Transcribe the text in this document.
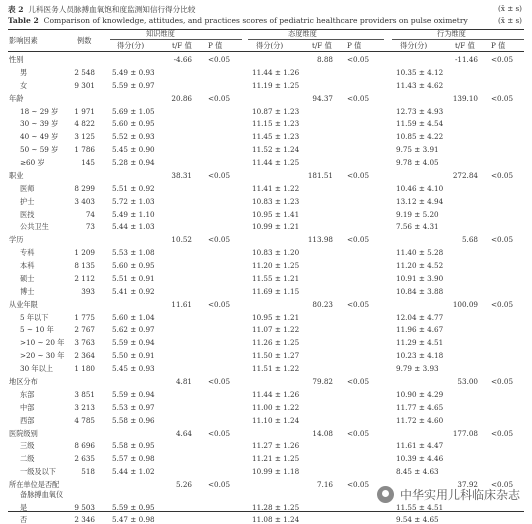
表 2 儿科医务人员脉搏血氧饱和度监测知信行得分比较
Table 2 Comparison of knowledge, attitudes, and practices scores of pediatric healthcare providers on pulse oximetry
(x̄ ± s)
(x̄ ± s)
影响因素	例数
知识维度	态度维度	行为维度
得分(分)	t/F 值 P 值	得分(分)	t/F 值 P 值	得分(分)	t/F 值 P 值
性别	-4.66 <0.05	8.88 <0.05	-11.46 <0.05
男	2 548 5.49 ± 0.93	11.44 ± 1.26	10.35 ± 4.12
女	9 301 5.59 ± 0.97	11.19 ± 1.25	11.43 ± 4.62
年龄	20.86 <0.05	94.37 <0.05	139.10 <0.05
18 ~ 29 岁 1 971 5.69 ± 1.05	10.87 ± 1.23	12.73 ± 4.93
30 ~ 39 岁 4 822 5.60 ± 0.95	11.15 ± 1.23	11.59 ± 4.54
40 ~ 49 岁 3 125 5.52 ± 0.93	11.45 ± 1.23	10.85 ± 4.22
50 ~ 59 岁 1 786 5.45 ± 0.90	11.52 ± 1.24	9.75 ± 3.91
≥60 岁	145 5.28 ± 0.94	11.44 ± 1.25	9.78 ± 4.05
职业	38.31 <0.05	181.51 <0.05	272.84 <0.05
医师	8 299 5.51 ± 0.92	11.41 ± 1.22	10.46 ± 4.10
护士	3 403 5.72 ± 1.03	10.83 ± 1.23	13.12 ± 4.94
医技	74 5.49 ± 1.10	10.95 ± 1.41	9.19 ± 5.20
公共卫生	73 5.44 ± 1.03	10.99 ± 1.21	7.56 ± 4.31
学历	10.52 <0.05	113.98 <0.05	5.68 <0.05
专科	1 209 5.53 ± 1.08	10.83 ± 1.20	11.40 ± 5.28
本科	8 135 5.60 ± 0.95	11.20 ± 1.25	11.20 ± 4.52
硕士	2 112 5.51 ± 0.91	11.55 ± 1.21	10.91 ± 3.90
博士	393 5.41 ± 0.92	11.69 ± 1.15	10.84 ± 3.88
从业年限	11.61 <0.05	80.23 <0.05	100.09 <0.05
5 年以下	1 775 5.60 ± 1.04	10.95 ± 1.21	12.04 ± 4.77
5 ~ 10 年	2 767 5.62 ± 0.97	11.07 ± 1.22	11.96 ± 4.67
>10 ~ 20 年 3 763 5.59 ± 0.94	11.26 ± 1.25	11.29 ± 4.51
>20 ~ 30 年 2 364 5.50 ± 0.91	11.50 ± 1.27	10.23 ± 4.18
30 年以上	1 180 5.45 ± 0.93	11.51 ± 1.22	9.79 ± 3.93
地区分布	4.81 <0.05	79.82 <0.05	53.00 <0.05
东部	3 851 5.59 ± 0.94	11.44 ± 1.26	10.90 ± 4.29
中部	3 213 5.53 ± 0.97	11.00 ± 1.22	11.77 ± 4.65
西部	4 785 5.58 ± 0.96	11.10 ± 1.24	11.72 ± 4.60
医院级别	4.64 <0.05	14.08 <0.05	177.08 <0.05
三级	8 696 5.58 ± 0.95	11.27 ± 1.26	11.61 ± 4.47
二级	2 635 5.57 ± 0.98	11.21 ± 1.25	10.39 ± 4.46
一级及以下	518 5.44 ± 1.02	10.99 ± 1.18	8.45 ± 4.63
所在单位是否配
备脉搏血氧仪
5.26 <0.05	7.16 <0.05	37.92 <0.05
是	9 503 5.59 ± 0.95	11.28 ± 1.25	11.55 ± 4.51
否	2 346 5.47 ± 0.98	11.08 ± 1.24	9.54 ± 4.65
中华实用儿科临床杂志
